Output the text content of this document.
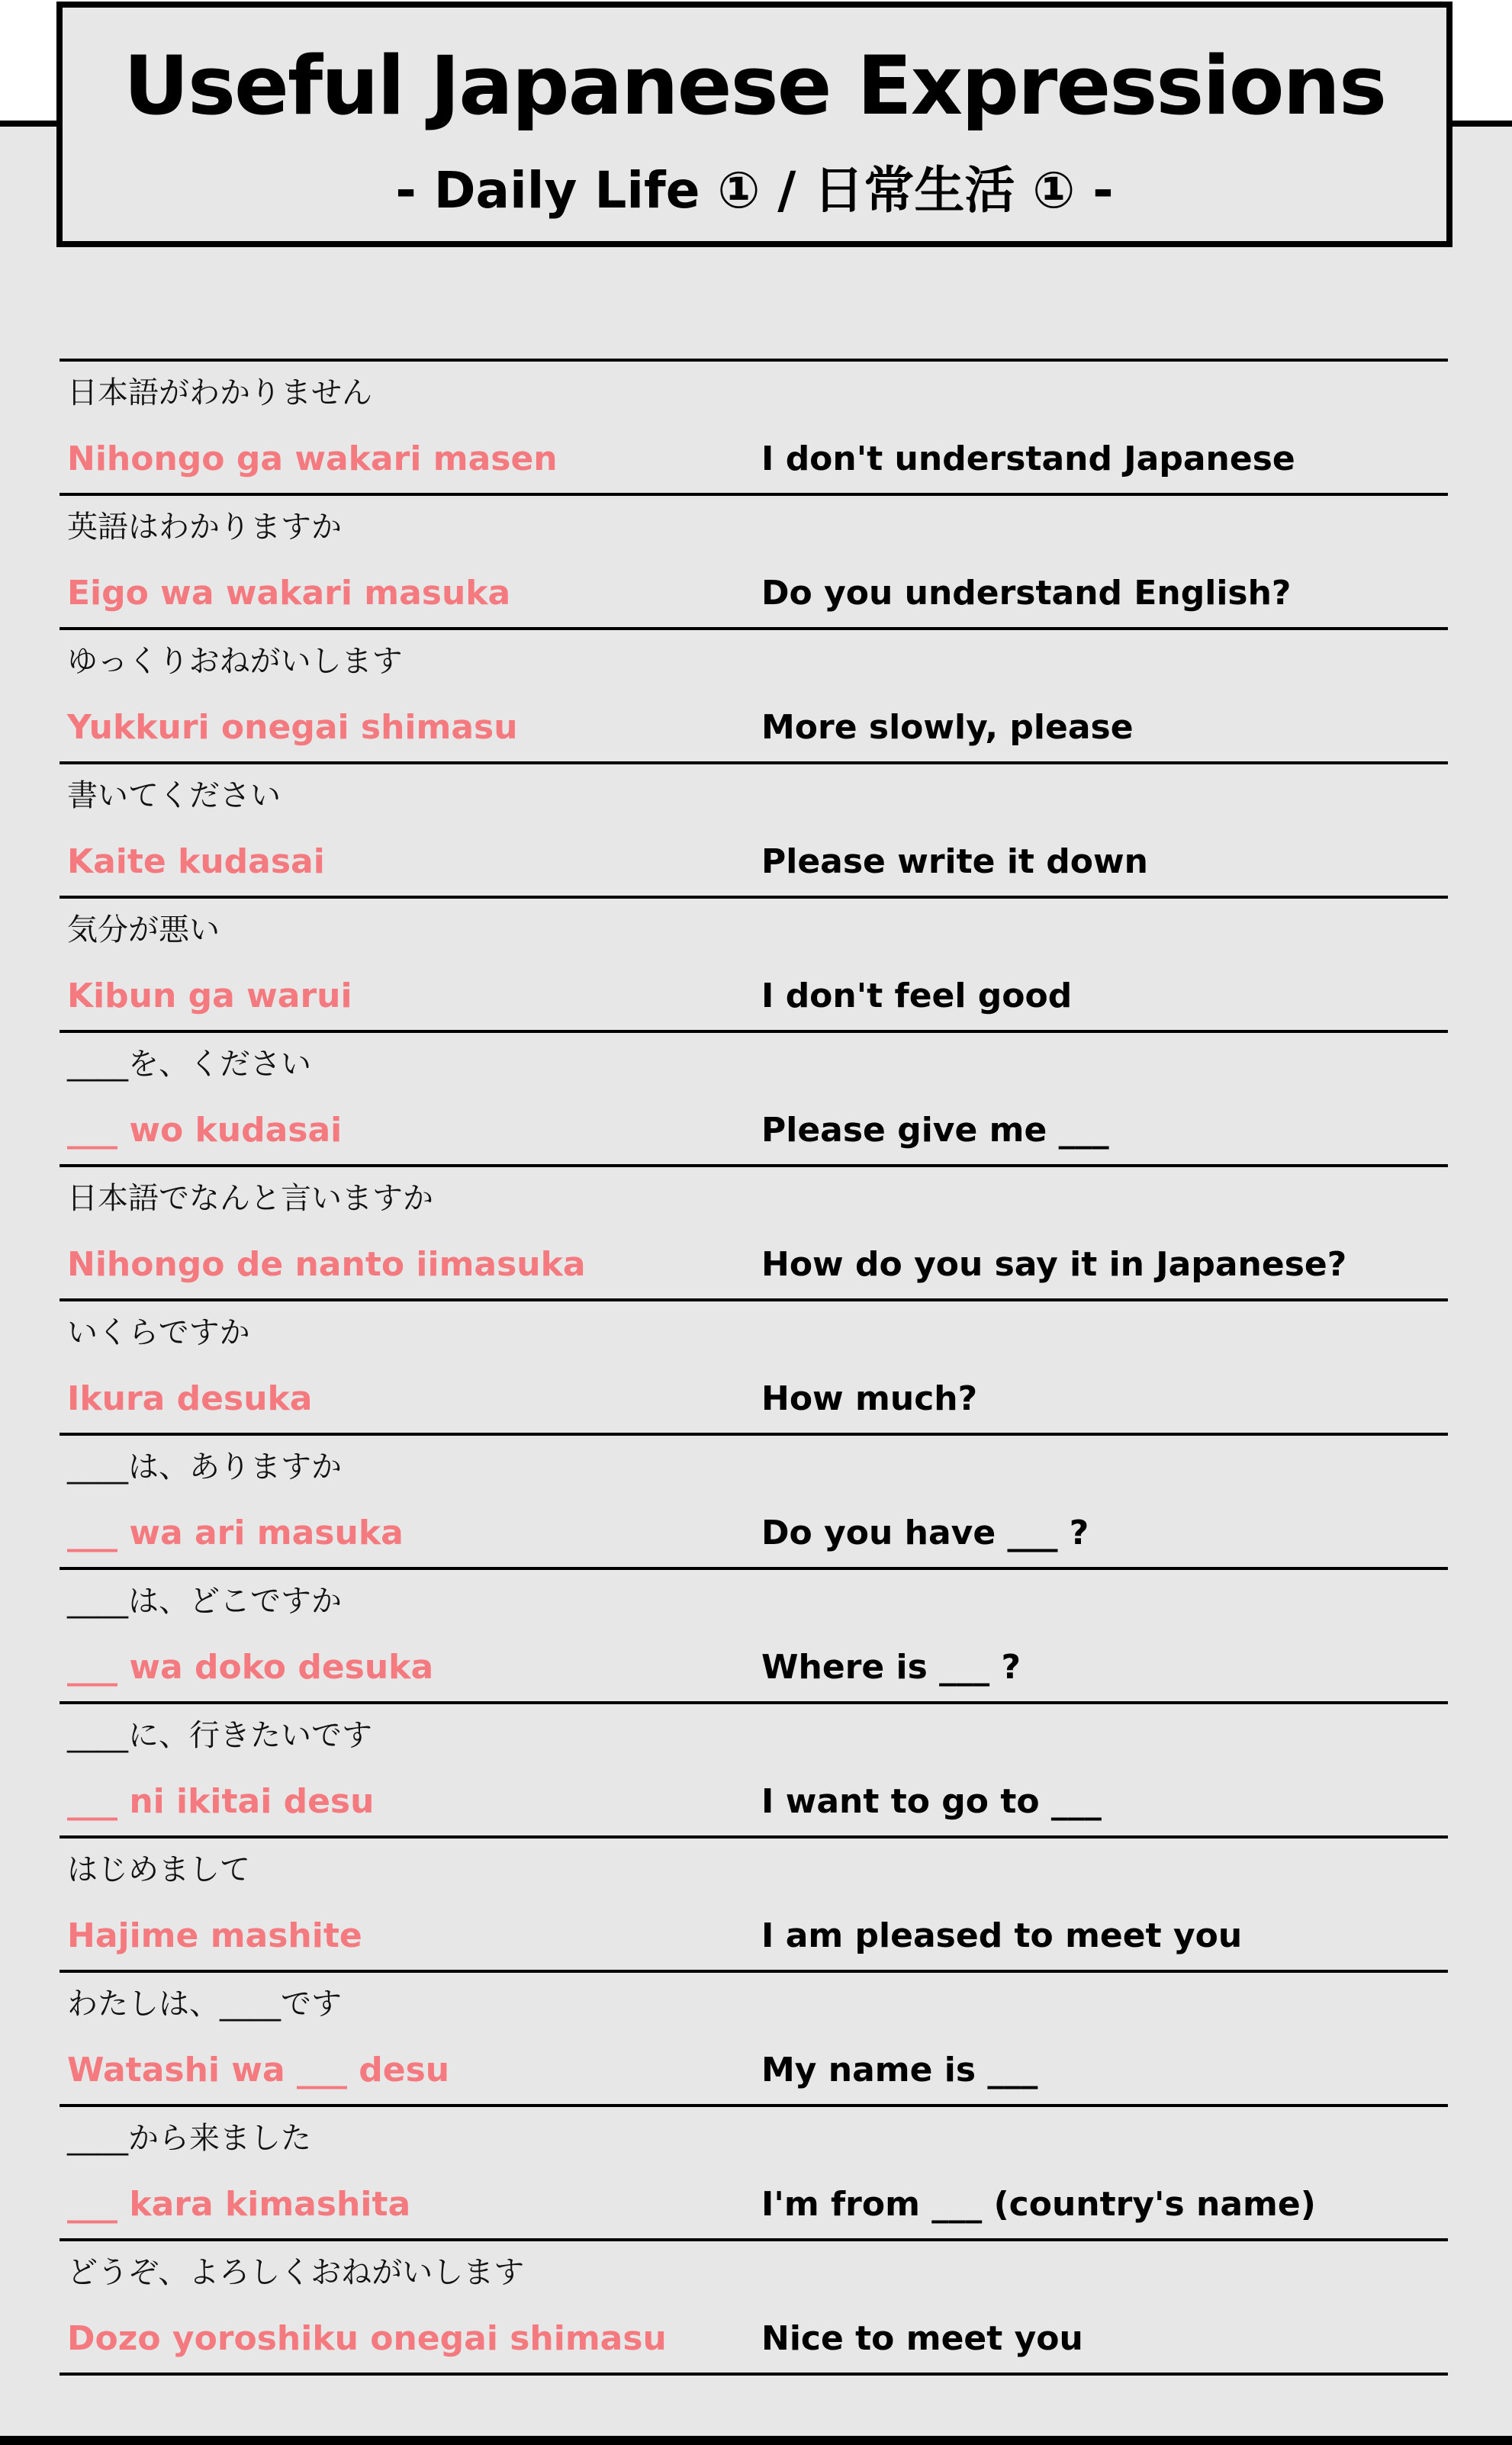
Useful Japanese Expressions
- Daily Life ① / 日常生活 ① -
日本語がわかりません
Nihongo ga wakari masen	I don't understand Japanese
英語はわかりますか
Eigo wa wakari masuka	Do you understand English?
ゆっくりおねがいします
Yukkuri onegai shimasu	More slowly, please
書いてください
Kaite kudasai	Please write it down
気分が悪い
Kibun ga warui	I don't feel good
____を、ください
___ wo kudasai	Please give me ___
日本語でなんと言いますか
Nihongo de nanto iimasuka	How do you say it in Japanese?
いくらですか
Ikura desuka	How much?
____は、ありますか
___ wa ari masuka	Do you have ___ ?
____は、どこですか
___ wa doko desuka	Where is ___ ?
____に、行きたいです
___ ni ikitai desu	I want to go to ___
はじめまして
Hajime mashite	I am pleased to meet you
わたしは、____です
Watashi wa ___ desu	My name is ___
____から来ました
___ kara kimashita	I'm from ___ (country's name)
どうぞ、よろしくおねがいします
Dozo yoroshiku onegai shimasu	Nice to meet you
